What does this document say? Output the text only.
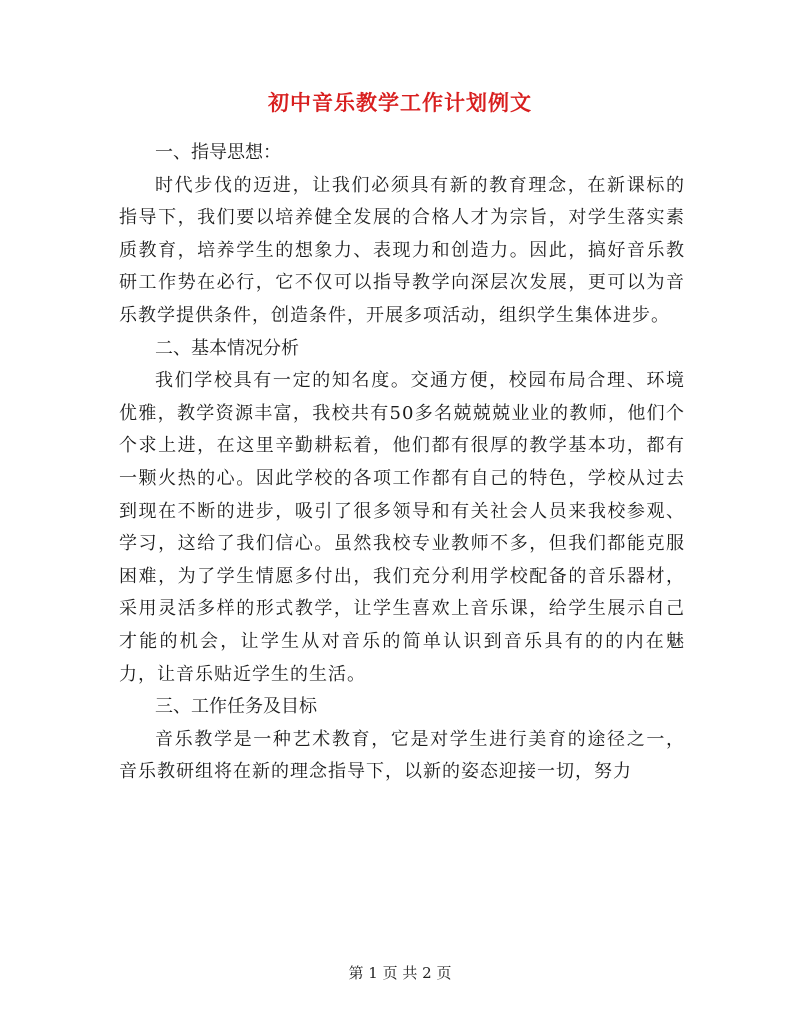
初中音乐教学工作计划例文

一、指导思想：

时代步伐的迈进，让我们必须具有新的教育理念，在新课标的指导下，我们要以培养健全发展的合格人才为宗旨，对学生落实素质教育，培养学生的想象力、表现力和创造力。因此，搞好音乐教研工作势在必行，它不仅可以指导教学向深层次发展，更可以为音乐教学提供条件，创造条件，开展多项活动，组织学生集体进步。

二、基本情况分析

我们学校具有一定的知名度。交通方便，校园布局合理、环境优雅，教学资源丰富，我校共有50多名兢兢兢业业的教师，他们个个求上进，在这里辛勤耕耘着，他们都有很厚的教学基本功，都有一颗火热的心。因此学校的各项工作都有自己的特色，学校从过去到现在不断的进步，吸引了很多领导和有关社会人员来我校参观、学习，这给了我们信心。虽然我校专业教师不多，但我们都能克服困难，为了学生情愿多付出，我们充分利用学校配备的音乐器材，采用灵活多样的形式教学，让学生喜欢上音乐课，给学生展示自己才能的机会，让学生从对音乐的简单认识到音乐具有的的内在魅力，让音乐贴近学生的生活。

三、工作任务及目标

音乐教学是一种艺术教育，它是对学生进行美育的途径之一，音乐教研组将在新的理念指导下，以新的姿态迎接一切，努力

第 1 页 共 2 页
